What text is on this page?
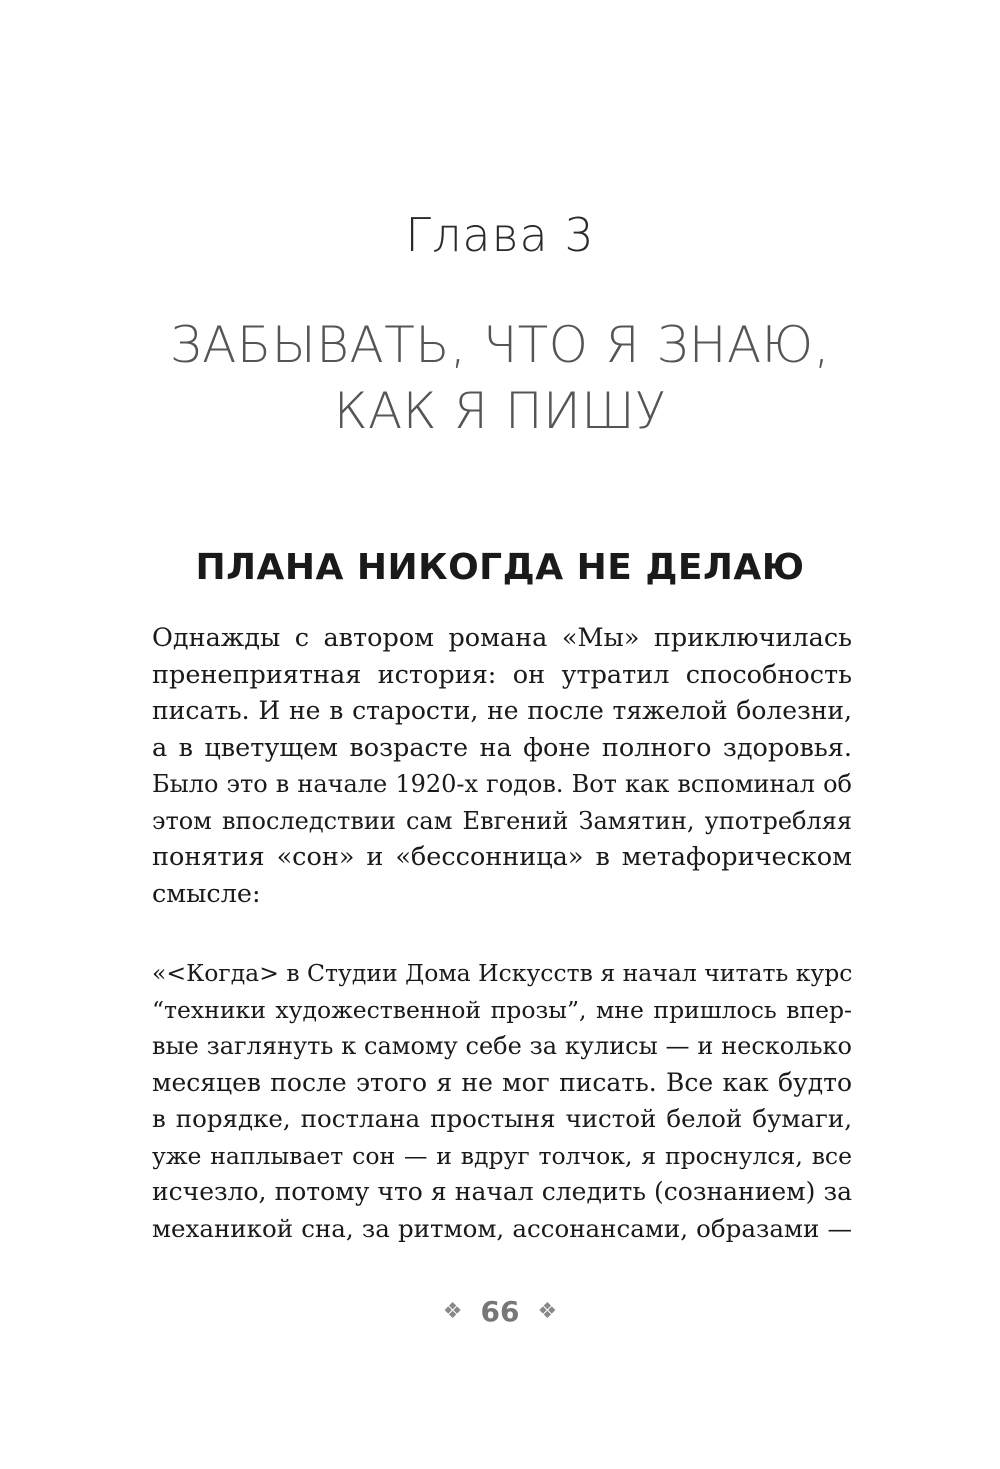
Глава 3
ЗАБЫВАТЬ, ЧТО Я ЗНАЮ,
КАК Я ПИШУ
ПЛАНА НИКОГДА НЕ ДЕЛАЮ
Однажды с автором романа «Мы» приключилась
пренеприятная история: он утратил способность
писать. И не в старости, не после тяжелой болезни,
а в цветущем возрасте на фоне полного здоровья.
Было это в начале 1920-х годов. Вот как вспоминал об
этом впоследствии сам Евгений Замятин, употребляя
понятия «сон» и «бессонница» в метафорическом
смысле:
«<Когда> в Студии Дома Искусств я начал читать курс
“техники художественной прозы”, мне пришлось впер-
вые заглянуть к самому себе за кулисы — и несколько
месяцев после этого я не мог писать. Все как будто
в порядке, постлана простыня чистой белой бумаги,
уже наплывает сон — и вдруг толчок, я проснулся, все
исчезло, потому что я начал следить (сознанием) за
механикой сна, за ритмом, ассонансами, образами —
❖ 66 ❖
